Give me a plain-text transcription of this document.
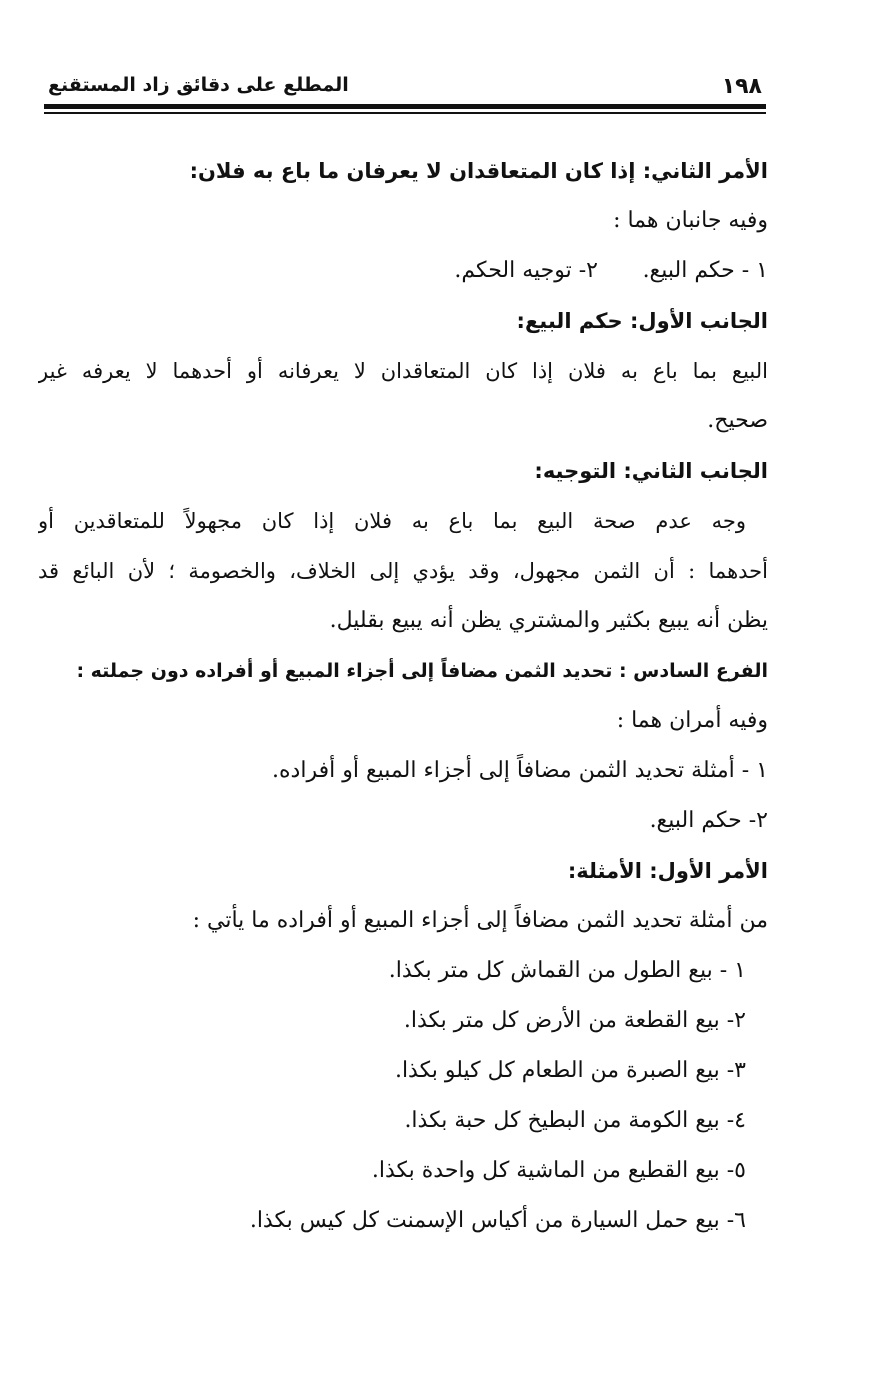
١٩٨
المطلع على دقائق زاد المستقنع
الأمر الثاني: إذا كان المتعاقدان لا يعرفان ما باع به فلان:
وفيه جانبان هما :
١ - حكم البيع.
٢- توجيه الحكم.
الجانب الأول: حكم البيع:
البيع بما باع به فلان إذا كان المتعاقدان لا يعرفانه أو أحدهما لا يعرفه غير
صحيح.
الجانب الثاني: التوجيه:
وجه عدم صحة البيع بما باع به فلان إذا كان مجهولاً للمتعاقدين أو
أحدهما : أن الثمن مجهول، وقد يؤدي إلى الخلاف، والخصومة ؛ لأن البائع قد
يظن أنه يبيع بكثير والمشتري يظن أنه يبيع بقليل.
الفرع السادس : تحديد الثمن مضافاً إلى أجزاء المبيع أو أفراده دون جملته :
وفيه أمران هما :
١ - أمثلة تحديد الثمن مضافاً إلى أجزاء المبيع أو أفراده.
٢- حكم البيع.
الأمر الأول: الأمثلة:
من أمثلة تحديد الثمن مضافاً إلى أجزاء المبيع أو أفراده ما يأتي :
١ - بيع الطول من القماش كل متر بكذا.
٢- بيع القطعة من الأرض كل متر بكذا.
٣- بيع الصبرة من الطعام كل كيلو بكذا.
٤- بيع الكومة من البطيخ كل حبة بكذا.
٥- بيع القطيع من الماشية كل واحدة بكذا.
٦- بيع حمل السيارة من أكياس الإسمنت كل كيس بكذا.
